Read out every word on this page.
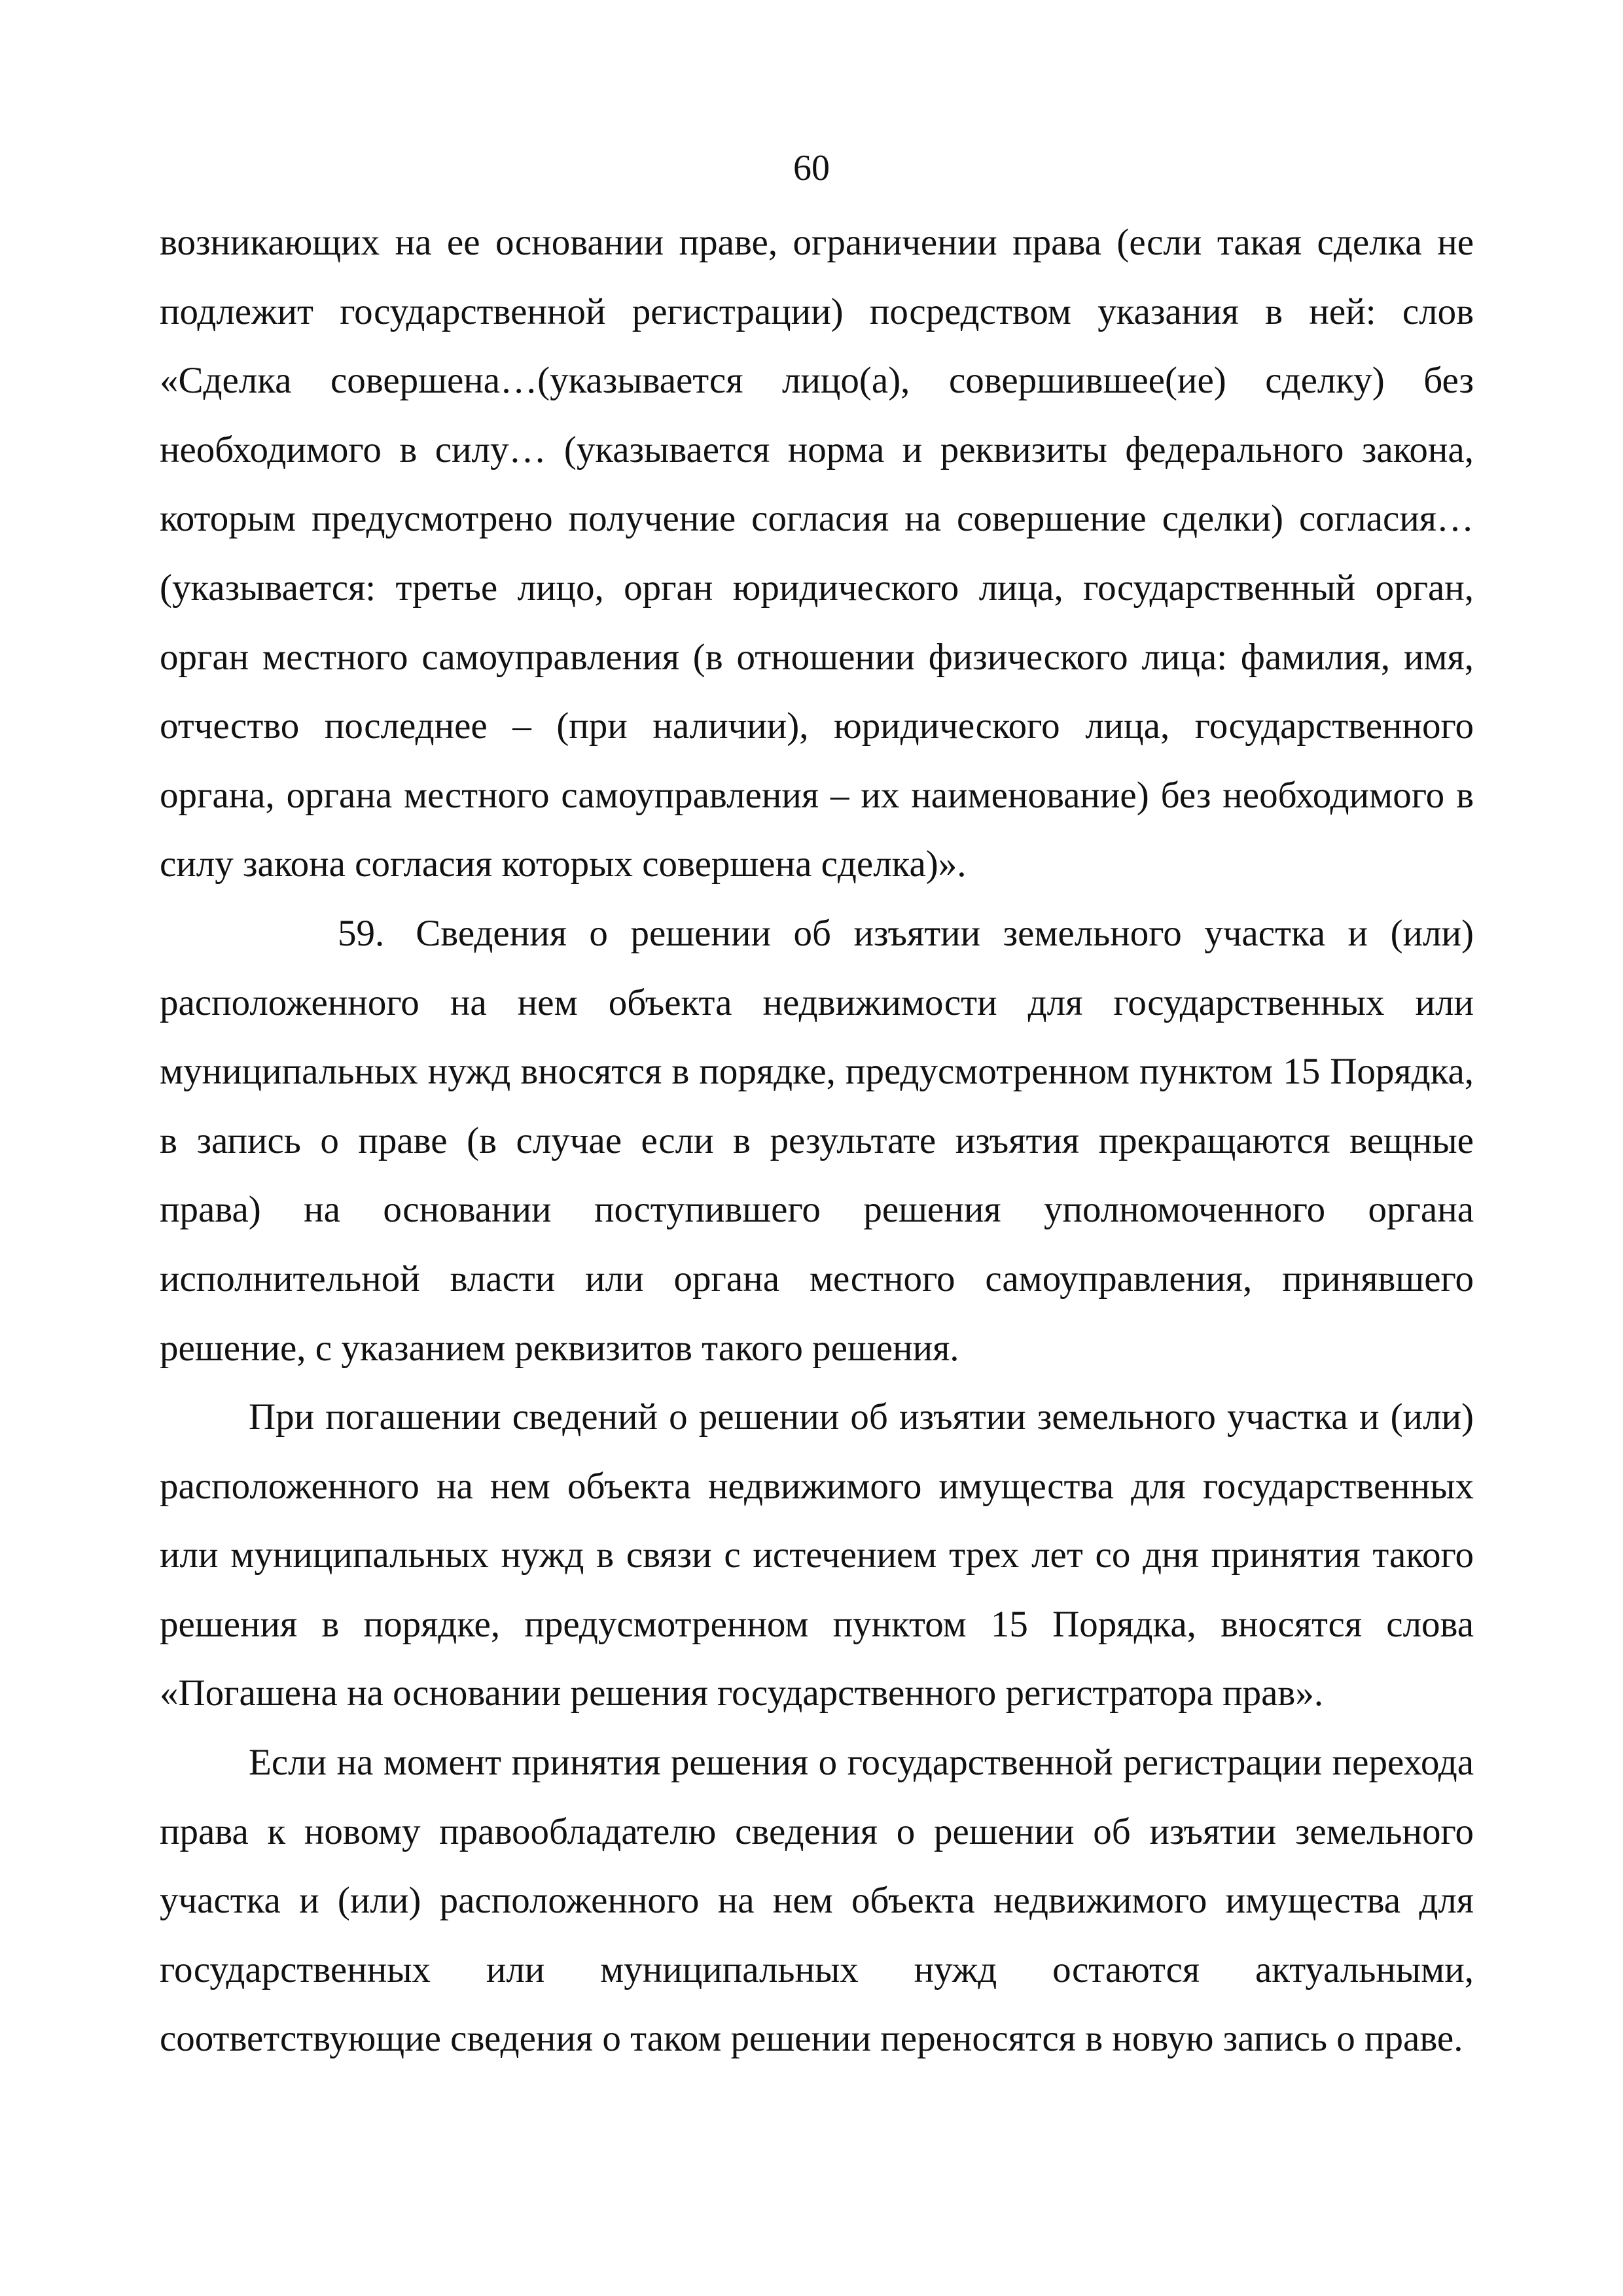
60

возникающих на ее основании праве, ограничении права (если такая сделка не подлежит государственной регистрации) посредством указания в ней: слов «Сделка совершена…(указывается лицо(а), совершившее(ие) сделку) без необходимого в силу… (указывается норма и реквизиты федерального закона, которым предусмотрено получение согласия на совершение сделки) согласия… (указывается: третье лицо, орган юридического лица, государственный орган, орган местного самоуправления (в отношении физического лица: фамилия, имя, отчество последнее – (при наличии), юридического лица, государственного органа, органа местного самоуправления – их наименование) без необходимого в силу закона согласия которых совершена сделка)».

59. Сведения о решении об изъятии земельного участка и (или) расположенного на нем объекта недвижимости для государственных или муниципальных нужд вносятся в порядке, предусмотренном пунктом 15 Порядка, в запись о праве (в случае если в результате изъятия прекращаются вещные права) на основании поступившего решения уполномоченного органа исполнительной власти или органа местного самоуправления, принявшего решение, с указанием реквизитов такого решения.

При погашении сведений о решении об изъятии земельного участка и (или) расположенного на нем объекта недвижимого имущества для государственных или муниципальных нужд в связи с истечением трех лет со дня принятия такого решения в порядке, предусмотренном пунктом 15 Порядка, вносятся слова «Погашена на основании решения государственного регистратора прав».

Если на момент принятия решения о государственной регистрации перехода права к новому правообладателю сведения о решении об изъятии земельного участка и (или) расположенного на нем объекта недвижимого имущества для государственных или муниципальных нужд остаются актуальными, соответствующие сведения о таком решении переносятся в новую запись о праве.
